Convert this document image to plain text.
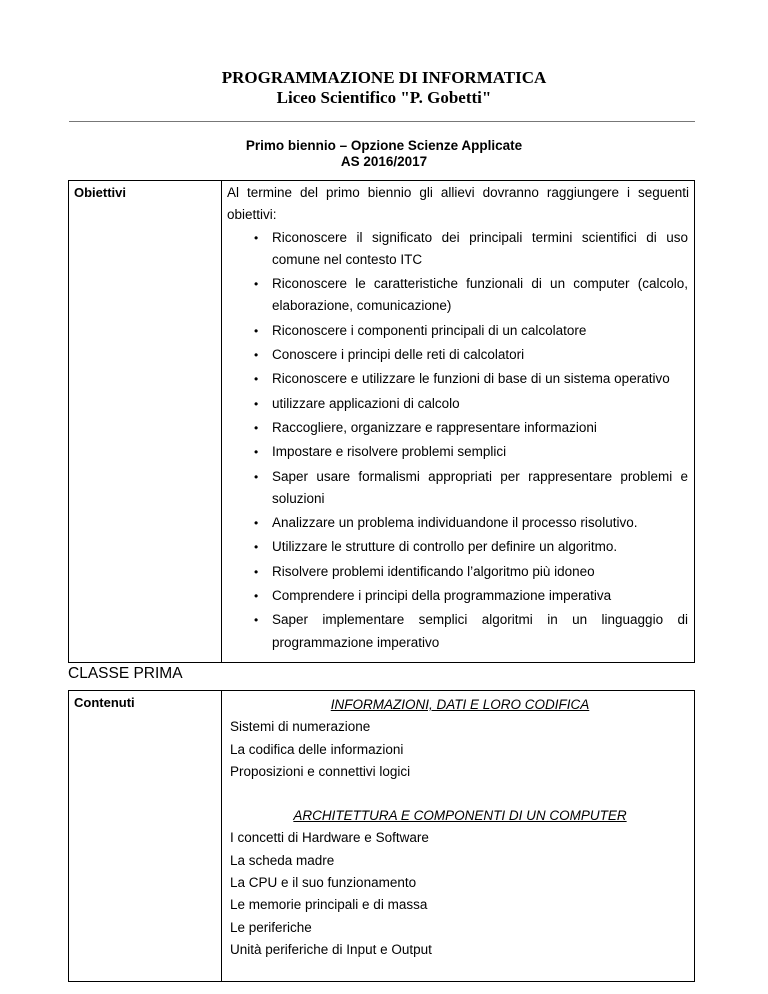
PROGRAMMAZIONE DI INFORMATICA
Liceo Scientifico "P. Gobetti"
Primo biennio – Opzione Scienze Applicate
AS 2016/2017
Obiettivi	Al termine del primo biennio gli allievi dovranno raggiungere i seguenti obiettivi:
• Riconoscere il significato dei principali termini scientifici di uso comune nel contesto ITC
• Riconoscere le caratteristiche funzionali di un computer (calcolo, elaborazione, comunicazione)
• Riconoscere i componenti principali di un calcolatore
• Conoscere i principi delle reti di calcolatori
• Riconoscere e utilizzare le funzioni di base di un sistema operativo
• utilizzare applicazioni di calcolo
• Raccogliere, organizzare e rappresentare informazioni
• Impostare e risolvere problemi semplici
• Saper usare formalismi appropriati per rappresentare problemi e soluzioni
• Analizzare un problema individuandone il processo risolutivo.
• Utilizzare le strutture di controllo per definire un algoritmo.
• Risolvere problemi identificando l’algoritmo più idoneo
• Comprendere i principi della programmazione imperativa
• Saper implementare semplici algoritmi in un linguaggio di programmazione imperativo
CLASSE PRIMA
Contenuti	INFORMAZIONI, DATI E LORO CODIFICA
Sistemi di numerazione
La codifica delle informazioni
Proposizioni e connettivi logici
ARCHITETTURA E COMPONENTI DI UN COMPUTER
I concetti di Hardware e Software
La scheda madre
La CPU e il suo funzionamento
Le memorie principali e di massa
Le periferiche
Unità periferiche di Input e Output
